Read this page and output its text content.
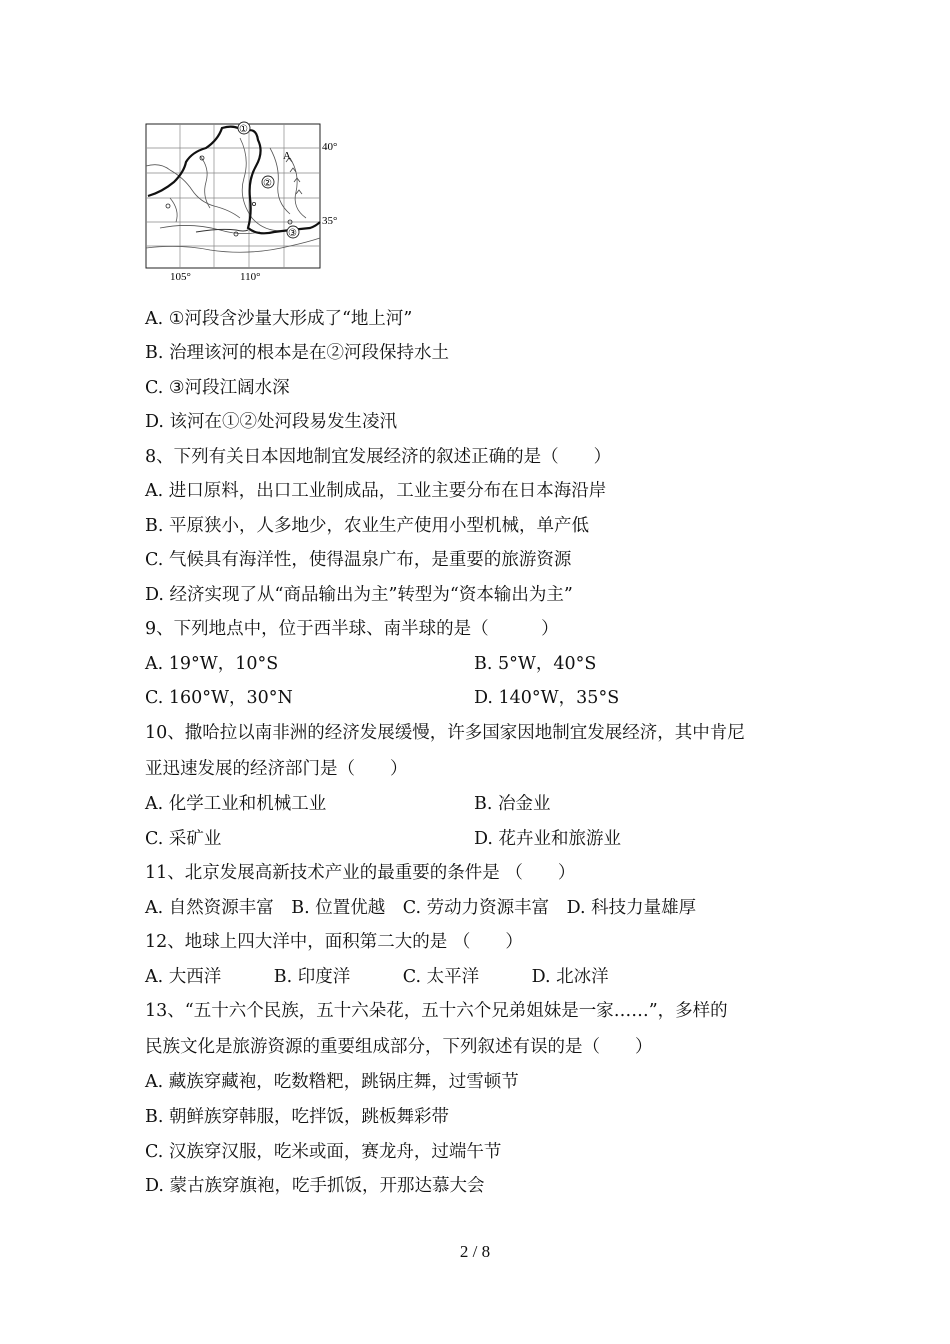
①
②
③
A
40°
35°
105°	110°
A. ①河段含沙量大形成了“地上河”
B. 治理该河的根本是在②河段保持水土
C. ③河段江阔水深
D. 该河在①②处河段易发生凌汛
8、下列有关日本因地制宜发展经济的叙述正确的是（　　）
A. 进口原料，出口工业制成品，工业主要分布在日本海沿岸
B. 平原狭小，人多地少，农业生产使用小型机械，单产低
C. 气候具有海洋性，使得温泉广布，是重要的旅游资源
D. 经济实现了从“商品输出为主”转型为“资本输出为主”
9、下列地点中，位于西半球、南半球的是（　　　）
A. 19°W，10°S	B. 5°W，40°S
C. 160°W，30°N	D. 140°W，35°S
10、撒哈拉以南非洲的经济发展缓慢，许多国家因地制宜发展经济，其中肯尼
亚迅速发展的经济部门是（　　）
A. 化学工业和机械工业	B. 冶金业
C. 采矿业	D. 花卉业和旅游业
11、北京发展高新技术产业的最重要的条件是 （　　）
A. 自然资源丰富　B. 位置优越　C. 劳动力资源丰富　D. 科技力量雄厚
12、地球上四大洋中，面积第二大的是 （　　）
A. 大西洋　　　B. 印度洋　　　C. 太平洋　　　D. 北冰洋
13、“五十六个民族，五十六朵花，五十六个兄弟姐妹是一家……”，多样的
民族文化是旅游资源的重要组成部分，下列叙述有误的是（　　）
A. 藏族穿藏袍，吃数糌粑，跳锅庄舞，过雪顿节
B. 朝鲜族穿韩服，吃拌饭，跳板舞彩带
C. 汉族穿汉服，吃米或面，赛龙舟，过端午节
D. 蒙古族穿旗袍，吃手抓饭，开那达慕大会
2 / 8
